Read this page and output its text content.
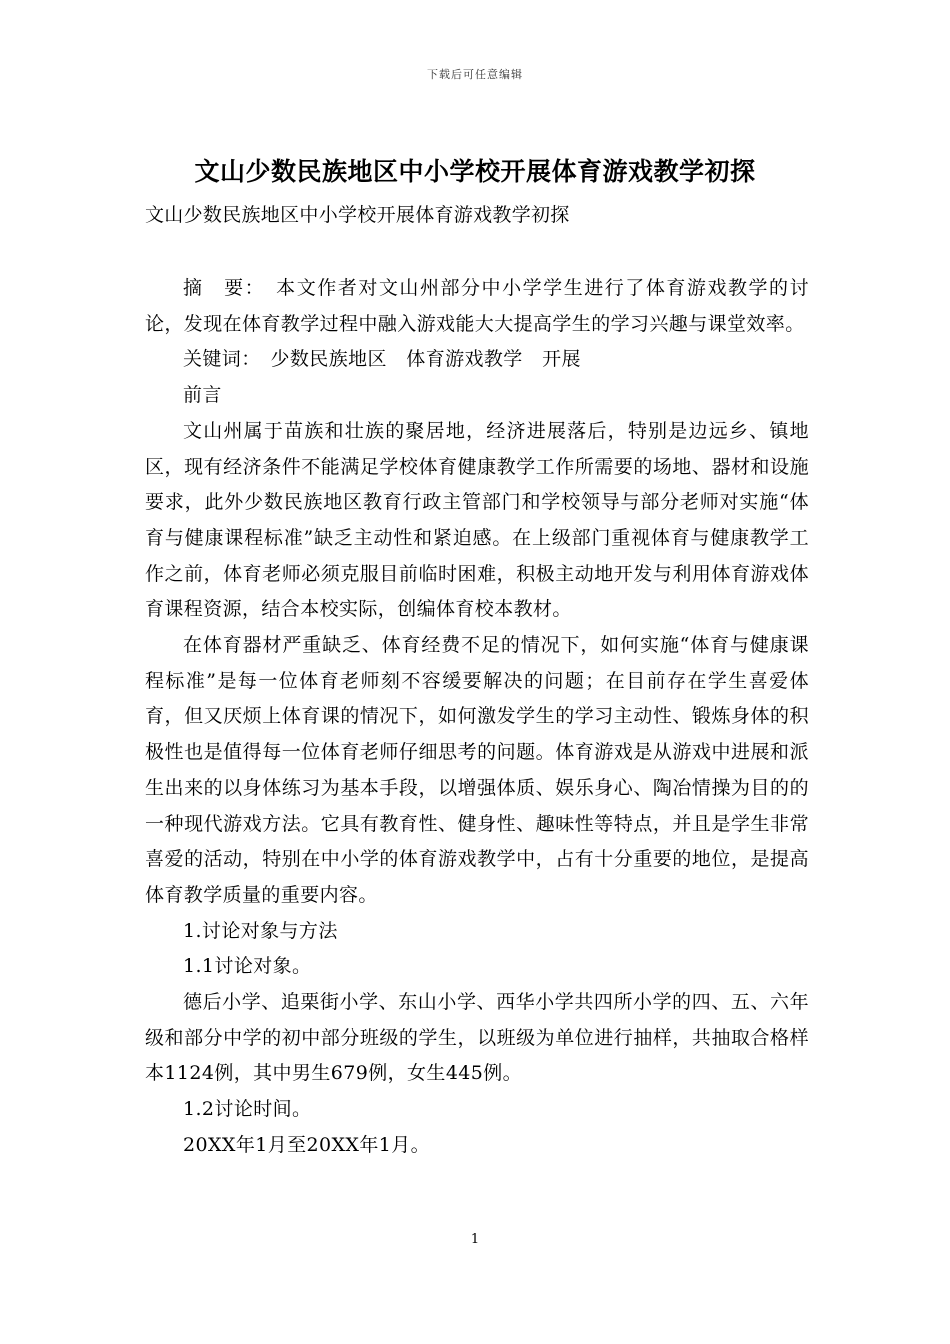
下载后可任意编辑
文山少数民族地区中小学校开展体育游戏教学初探
文山少数民族地区中小学校开展体育游戏教学初探

摘　要：　本文作者对文山州部分中小学学生进行了体育游戏教学的讨论，发现在体育教学过程中融入游戏能大大提高学生的学习兴趣与课堂效率。

关键词：　少数民族地区　体育游戏教学　开展

前言

文山州属于苗族和壮族的聚居地，经济进展落后，特别是边远乡、镇地区，现有经济条件不能满足学校体育健康教学工作所需要的场地、器材和设施要求，此外少数民族地区教育行政主管部门和学校领导与部分老师对实施“体育与健康课程标准”缺乏主动性和紧迫感。在上级部门重视体育与健康教学工作之前，体育老师必须克服目前临时困难，积极主动地开发与利用体育游戏体育课程资源，结合本校实际，创编体育校本教材。

在体育器材严重缺乏、体育经费不足的情况下，如何实施“体育与健康课程标准”是每一位体育老师刻不容缓要解决的问题；在目前存在学生喜爱体育，但又厌烦上体育课的情况下，如何激发学生的学习主动性、锻炼身体的积极性也是值得每一位体育老师仔细思考的问题。体育游戏是从游戏中进展和派生出来的以身体练习为基本手段，以增强体质、娱乐身心、陶冶情操为目的的一种现代游戏方法。它具有教育性、健身性、趣味性等特点，并且是学生非常喜爱的活动，特别在中小学的体育游戏教学中，占有十分重要的地位，是提高体育教学质量的重要内容。

1.讨论对象与方法

1.1讨论对象。

德后小学、追栗街小学、东山小学、西华小学共四所小学的四、五、六年级和部分中学的初中部分班级的学生，以班级为单位进行抽样，共抽取合格样本1124例，其中男生679例，女生445例。

1.2讨论时间。

20XX年1月至20XX年1月。

1
